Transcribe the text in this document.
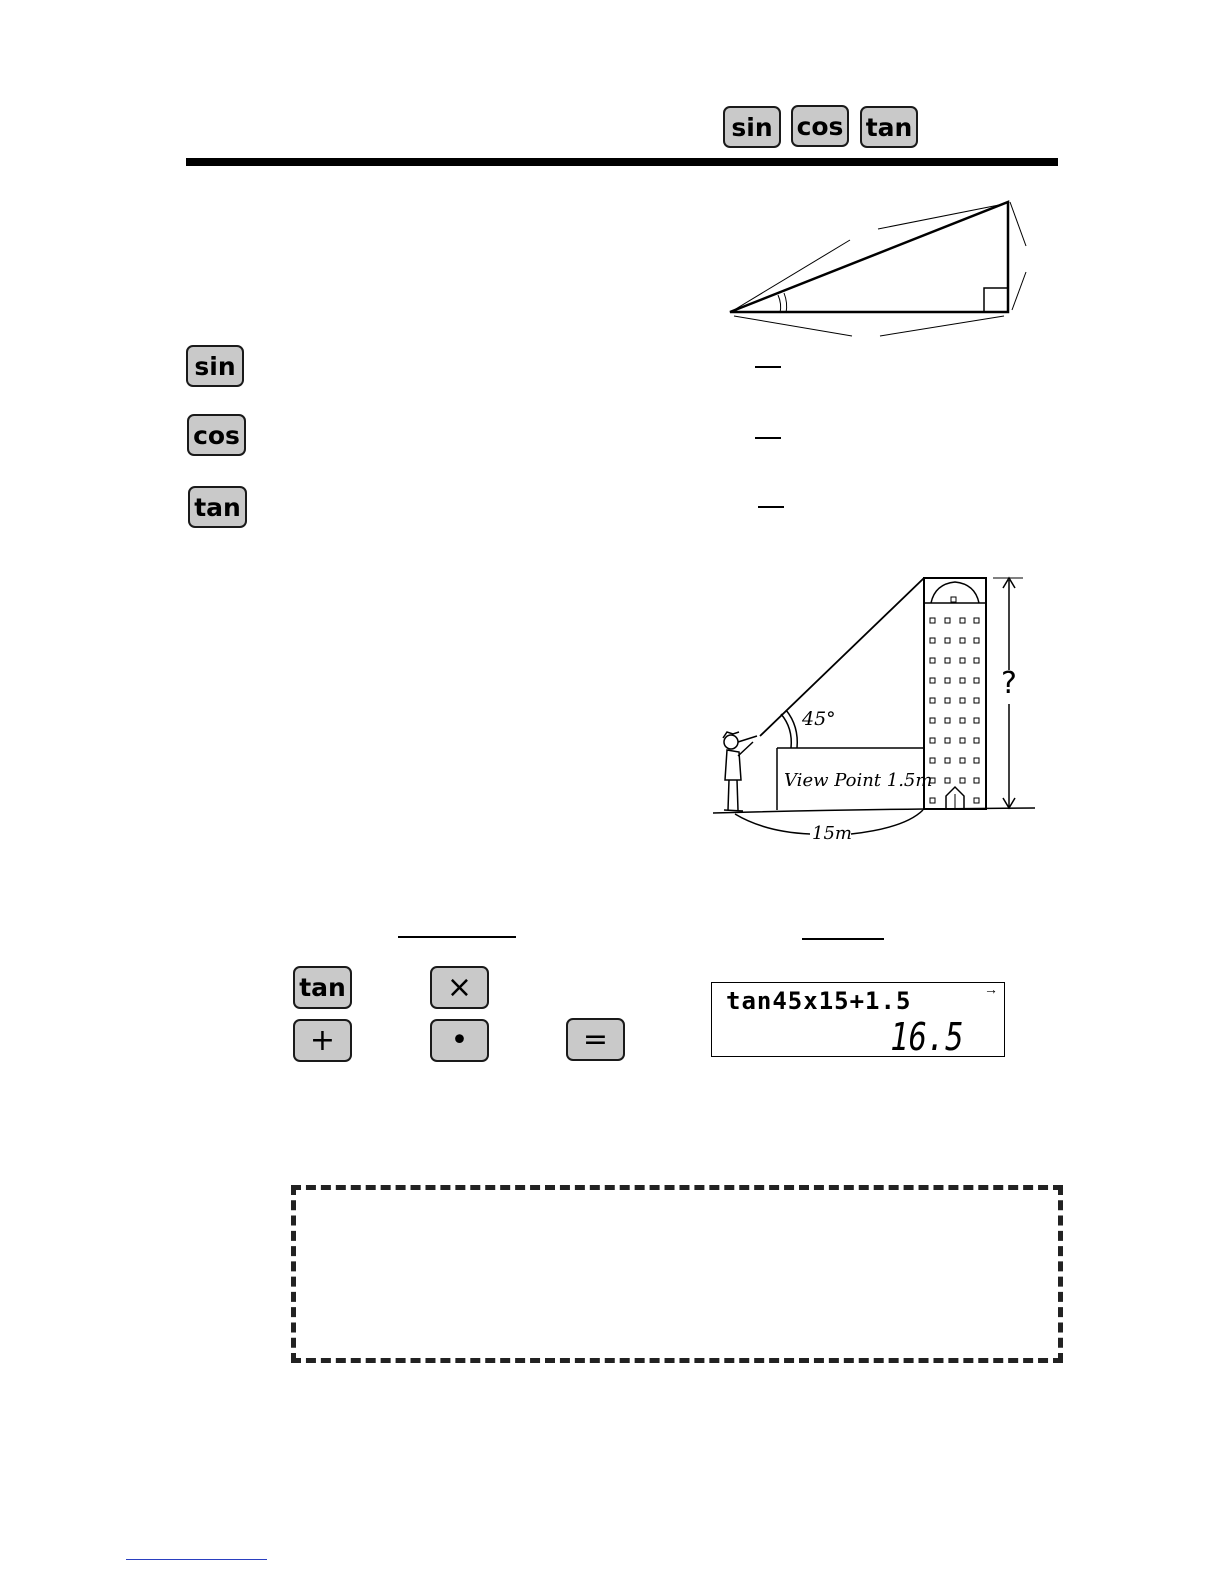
sin cos tan
sin
cos
tan
45°
View Point 1.5m
15m
?
tan	×
+	•	=
tan45x15+1.5	→
16.5
